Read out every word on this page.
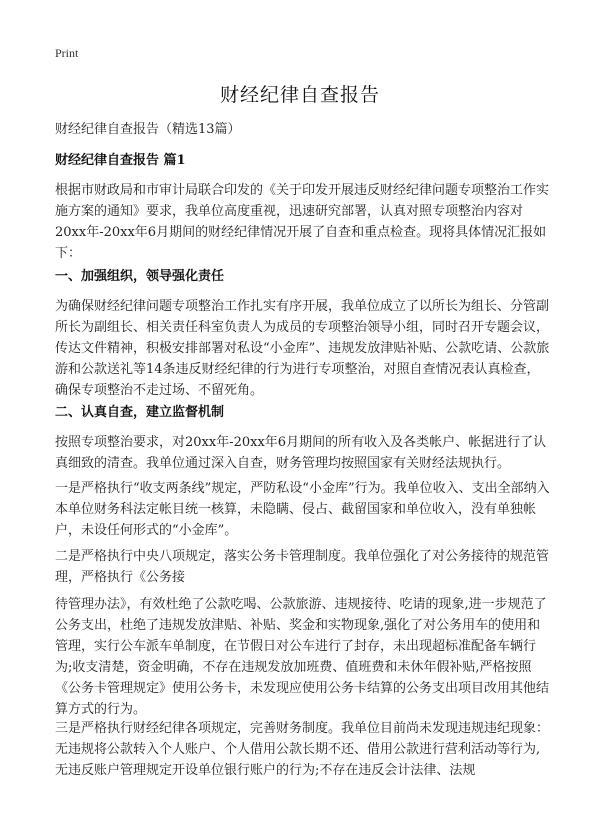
Print
财经纪律自查报告
财经纪律自查报告（精选13篇）
财经纪律自查报告 篇1

根据市财政局和市审计局联合印发的《关于印发开展违反财经纪律问题专项整治工作实施方案的通知》要求，我单位高度重视，迅速研究部署，认真对照专项整治内容对20xx年-20xx年6月期间的财经纪律情况开展了自查和重点检查。现将具体情况汇报如下：

一、加强组织，领导强化责任

为确保财经纪律问题专项整治工作扎实有序开展，我单位成立了以所长为组长、分管副所长为副组长、相关责任科室负责人为成员的专项整治领导小组，同时召开专题会议，传达文件精神，积极安排部署对私设“小金库”、违规发放津贴补贴、公款吃请、公款旅游和公款送礼等14条违反财经纪律的行为进行专项整治，对照自查情况表认真检查，确保专项整治不走过场、不留死角。

二、认真自查，建立监督机制

按照专项整治要求，对20xx年-20xx年6月期间的所有收入及各类帐户、帐据进行了认真细致的清查。我单位通过深入自查，财务管理均按照国家有关财经法规执行。

一是严格执行“收支两条线”规定，严防私设“小金库”行为。我单位收入、支出全部纳入本单位财务科法定帐目统一核算，未隐瞒、侵占、截留国家和单位收入，没有单独帐户，未设任何形式的“小金库”。

二是严格执行中央八项规定，落实公务卡管理制度。我单位强化了对公务接待的规范管理，严格执行《公务接

待管理办法》，有效杜绝了公款吃喝、公款旅游、违规接待、吃请的现象,进一步规范了公务支出，杜绝了违规发放津贴、补贴、奖金和实物现象,强化了对公务用车的使用和管理，实行公车派车单制度，在节假日对公车进行了封存，未出现超标准配备车辆行为;收支清楚，资金明确，不存在违规发放加班费、值班费和未休年假补贴,严格按照《公务卡管理规定》使用公务卡，未发现应使用公务卡结算的公务支出项目改用其他结算方式的行为。

三是严格执行财经纪律各项规定，完善财务制度。我单位目前尚未发现违规违纪现象：无违规将公款转入个人账户、个人借用公款长期不还、借用公款进行营利活动等行为,无违反账户管理规定开设单位银行账户的行为;不存在违反会计法律、法规
